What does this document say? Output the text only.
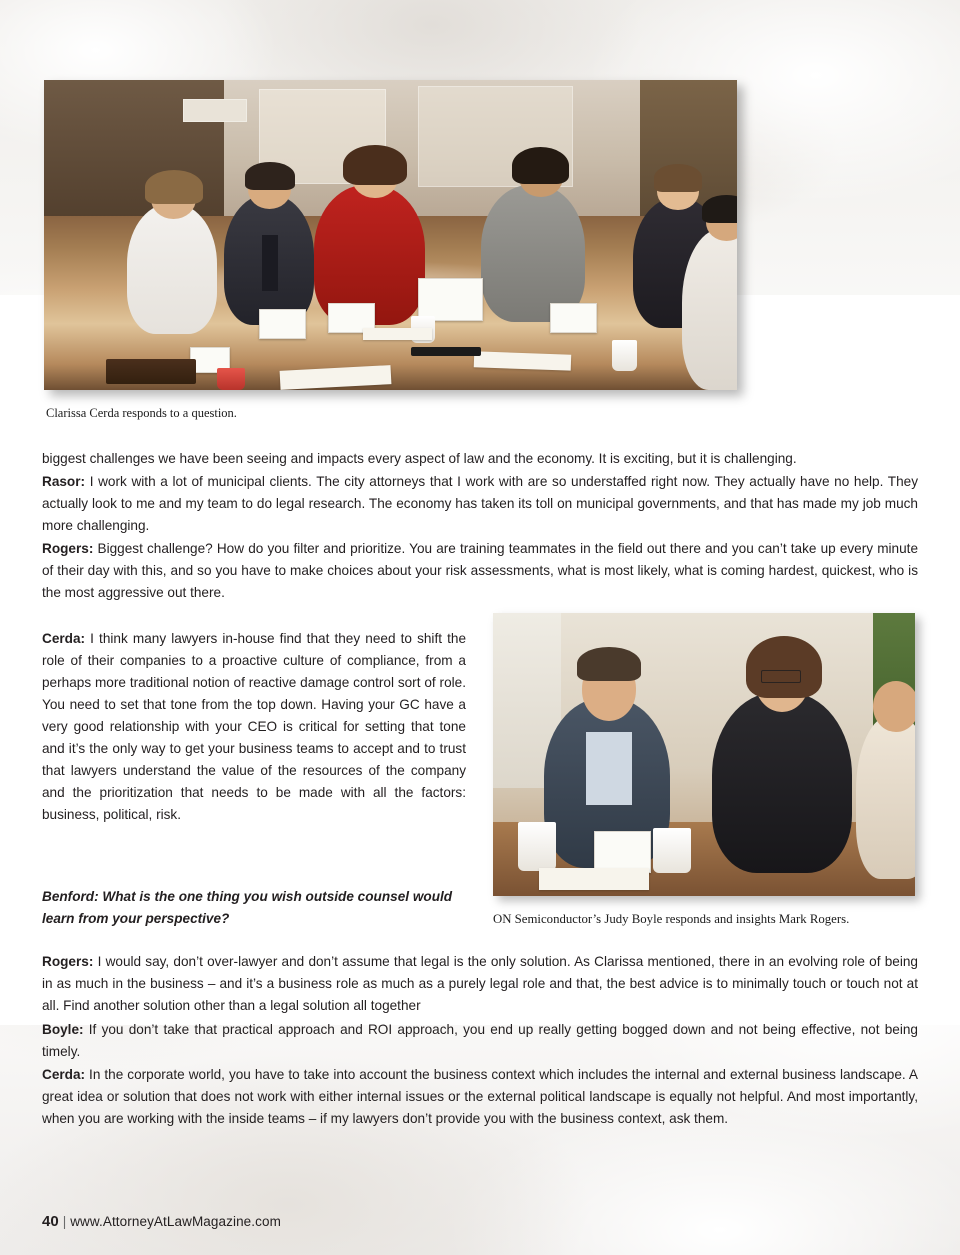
Clarissa Cerda responds to a question.

biggest challenges we have been seeing and impacts every aspect of law and the economy. It is exciting, but it is challenging.

Rasor: I work with a lot of municipal clients. The city attorneys that I work with are so understaffed right now. They actually have no help. They actually look to me and my team to do legal research. The economy has taken its toll on municipal governments, and that has made my job much more challenging.

Rogers: Biggest challenge? How do you filter and prioritize. You are training teammates in the field out there and you can’t take up every minute of their day with this, and so you have to make choices about your risk assessments, what is most likely, what is coming hardest, quickest, who is the most aggressive out there.

Cerda: I think many lawyers in-house find that they need to shift the role of their companies to a proactive culture of compliance, from a perhaps more traditional notion of reactive damage control sort of role. You need to set that tone from the top down. Having your GC have a very good relationship with your CEO is critical for setting that tone and it’s the only way to get your business teams to accept and to trust that lawyers understand the value of the resources of the company and the prioritization that needs to be made with all the factors: business, political, risk.

Benford: What is the one thing you wish outside counsel would learn from your perspective?	ON Semiconductor’s Judy Boyle responds and insights Mark Rogers.

Rogers: I would say, don’t over-lawyer and don’t assume that legal is the only solution. As Clarissa mentioned, there in an evolving role of being in as much in the business – and it’s a business role as much as a purely legal role and that, the best advice is to minimally touch or touch not at all. Find another solution other than a legal solution all together

Boyle: If you don’t take that practical approach and ROI approach, you end up really getting bogged down and not being effective, not being timely.

Cerda: In the corporate world, you have to take into account the business context which includes the internal and external business landscape. A great idea or solution that does not work with either internal issues or the external political landscape is equally not helpful. And most importantly, when you are working with the inside teams – if my lawyers don’t provide you with the business context, ask them.

40 | www.AttorneyAtLawMagazine.com
